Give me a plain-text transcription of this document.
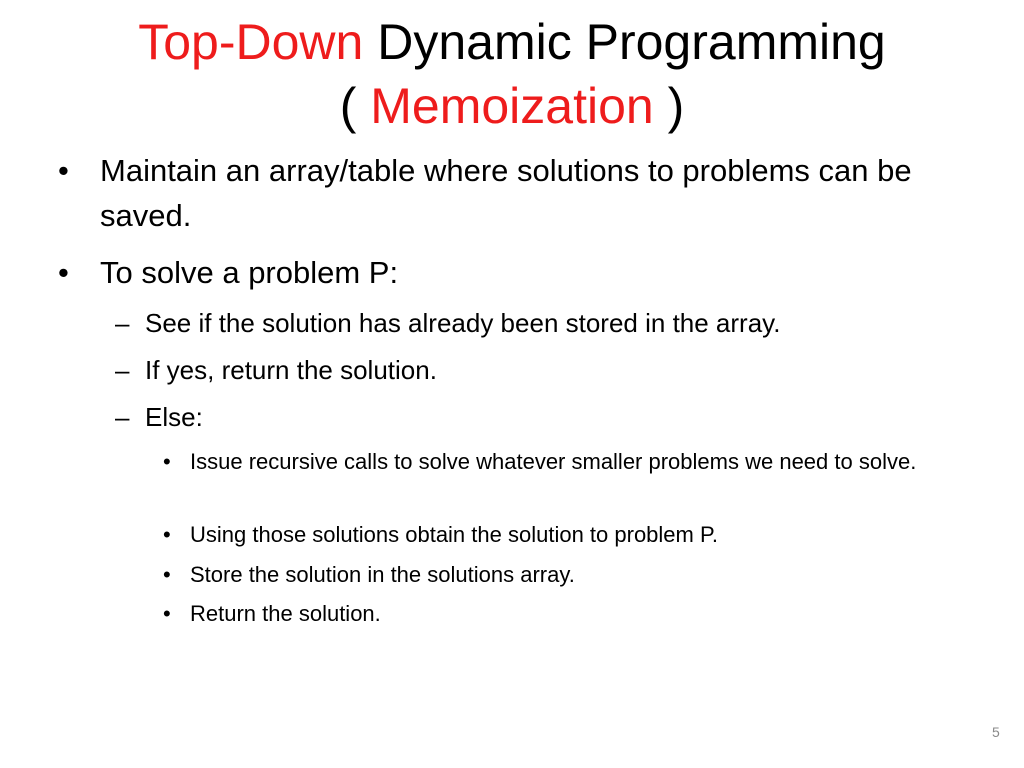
Top-Down Dynamic Programming
( Memoization )
• Maintain an array/table where solutions to problems can be saved.
• To solve a problem P:
– See if the solution has already been stored in the array.
– If yes, return the solution.
– Else:
• Issue recursive calls to solve whatever smaller problems we need to solve.
• Using those solutions obtain the solution to problem P.
• Store the solution in the solutions array.
• Return the solution.
5
